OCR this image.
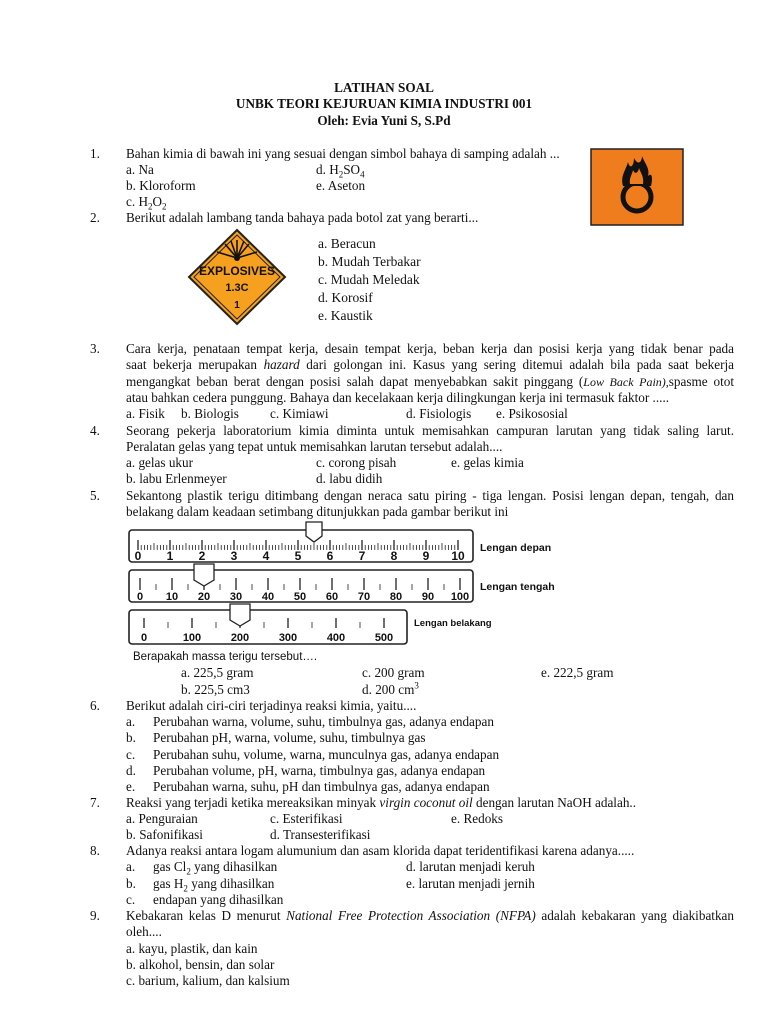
LATIHAN SOAL
UNBK TEORI KEJURUAN KIMIA INDUSTRI 001
Oleh: Evia Yuni S, S.Pd
1. Bahan kimia di bawah ini yang sesuai dengan simbol bahaya di samping adalah ...
a. Na	d. $H_2SO_4$
b. Kloroform	e. Aseton
c. $H_2O_2$
2. Berikut adalah lambang tanda bahaya pada botol zat yang berarti...
EXPLOSIVES
1.3C
1
a. Beracun
b. Mudah Terbakar
c. Mudah Meledak
d. Korosif
e. Kaustik
3. Cara kerja, penataan tempat kerja, desain tempat kerja, beban kerja dan posisi kerja yang tidak benar pada
saat bekerja merupakan hazard dari golongan ini. Kasus yang sering ditemui adalah bila pada saat bekerja
mengangkat beban berat dengan posisi salah dapat menyebabkan sakit pinggang (Low Back Pain),spasme otot
atau bahkan cedera punggung. Bahaya dan kecelakaan kerja dilingkungan kerja ini termasuk faktor .....
a. Fisik b. Biologis c. Kimiawi	d. Fisiologis e. Psikososial
4. Seorang pekerja laboratorium kimia diminta untuk memisahkan campuran larutan yang tidak saling larut.
Peralatan gelas yang tepat untuk memisahkan larutan tersebut adalah....
a. gelas ukur	c. corong pisah	e. gelas kimia
b. labu Erlenmeyer	d. labu didih
5. Sekantong plastik terigu ditimbang dengan neraca satu piring - tiga lengan. Posisi lengan depan, tengah, dan
belakang dalam keadaan setimbang ditunjukkan pada gambar berikut ini
0 1 2 3 4 5 6 7 8 9 10
Lengan depan
0 10 20 30 40 50 60 70 80 90 100
Lengan tengah
0	100	200	300	400	500
Lengan belakang
Berapakah massa terigu tersebut….
a. 225,5 gram	c. 200 gram	e. 222,5 gram
b. 225,5 cm3	d. 200 $cm^3$
6. Berikut adalah ciri-ciri terjadinya reaksi kimia, yaitu....
a. Perubahan warna, volume, suhu, timbulnya gas, adanya endapan
b. Perubahan pH, warna, volume, suhu, timbulnya gas
c. Perubahan suhu, volume, warna, munculnya gas, adanya endapan
d. Perubahan volume, pH, warna, timbulnya gas, adanya endapan
e. Perubahan warna, suhu, pH dan timbulnya gas, adanya endapan
7. Reaksi yang terjadi ketika mereaksikan minyak virgin coconut oil dengan larutan NaOH adalah..
a. Penguraian	c. Esterifikasi	e. Redoks
b. Safonifikasi	d. Transesterifikasi
8. Adanya reaksi antara logam alumunium dan asam klorida dapat teridentifikasi karena adanya.....
a. gas $Cl_2$ yang dihasilkan	d. larutan menjadi keruh
b. gas $H_2$ yang dihasilkan	e. larutan menjadi jernih
c. endapan yang dihasilkan
9. Kebakaran kelas D menurut National Free Protection Association (NFPA) adalah kebakaran yang diakibatkan
oleh....
a. kayu, plastik, dan kain
b. alkohol, bensin, dan solar
c. barium, kalium, dan kalsium
